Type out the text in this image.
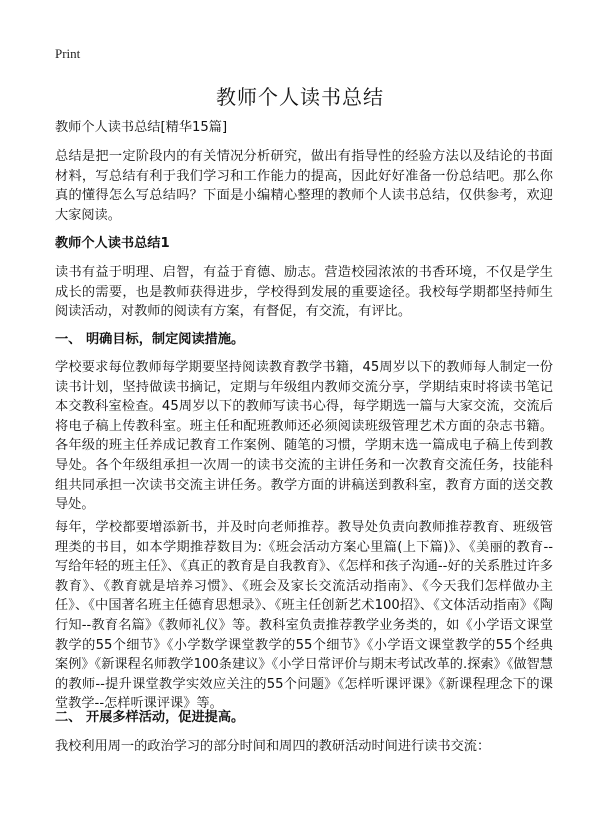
Print
教师个人读书总结

教师个人读书总结[精华15篇]

总结是把一定阶段内的有关情况分析研究，做出有指导性的经验方法以及结论的书面材料，写总结有利于我们学习和工作能力的提高，因此好好准备一份总结吧。那么你真的懂得怎么写总结吗？下面是小编精心整理的教师个人读书总结，仅供参考，欢迎大家阅读。

教师个人读书总结1

读书有益于明理、启智，有益于育德、励志。营造校园浓浓的书香环境，不仅是学生成长的需要，也是教师获得进步，学校得到发展的重要途径。我校每学期都坚持师生阅读活动，对教师的阅读有方案，有督促，有交流，有评比。

一、 明确目标，制定阅读措施。

学校要求每位教师每学期要坚持阅读教育教学书籍，45周岁以下的教师每人制定一份读书计划，坚持做读书摘记，定期与年级组内教师交流分享，学期结束时将读书笔记本交教科室检查。45周岁以下的教师写读书心得，每学期选一篇与大家交流，交流后将电子稿上传教科室。班主任和配班教师还必须阅读班级管理艺术方面的杂志书籍。各年级的班主任养成记教育工作案例、随笔的习惯，学期末选一篇成电子稿上传到教导处。各个年级组承担一次周一的读书交流的主讲任务和一次教育交流任务，技能科组共同承担一次读书交流主讲任务。教学方面的讲稿送到教科室，教育方面的送交教导处。

每年，学校都要增添新书，并及时向老师推荐。教导处负责向教师推荐教育、班级管理类的书目，如本学期推荐数目为:《班会活动方案心里篇(上下篇)》、《美丽的教育--写给年轻的班主任》、《真正的教育是自我教育》、《怎样和孩子沟通--好的关系胜过许多教育》、《教育就是培养习惯》、《班会及家长交流活动指南》、《今天我们怎样做办主任》、《中国著名班主任德育思想录》、《班主任创新艺术100招》、《文体活动指南》《陶行知--教育名篇》《教师礼仪》等。教科室负责推荐教学业务类的，如《小学语文课堂教学的55个细节》《小学数学课堂教学的55个细节》《小学语文课堂教学的55个经典案例》《新课程名师教学100条建议》《小学日常评价与期末考试改革的.探索》《做智慧的教师--提升课堂教学实效应关注的55个问题》《怎样听课评课》《新课程理念下的课堂教学--怎样听课评课》等。

二、 开展多样活动，促进提高。

我校利用周一的政治学习的部分时间和周四的教研活动时间进行读书交流：
